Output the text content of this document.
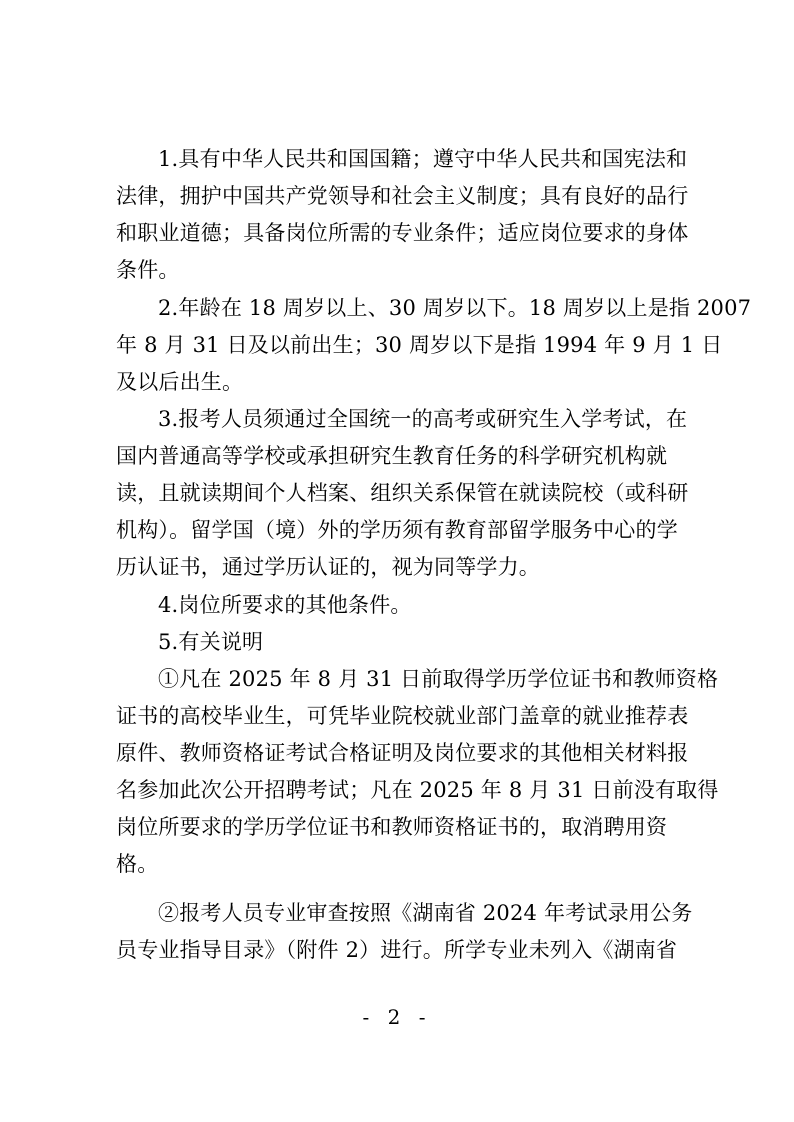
1.具有中华人民共和国国籍；遵守中华人民共和国宪法和
法律，拥护中国共产党领导和社会主义制度；具有良好的品行
和职业道德；具备岗位所需的专业条件；适应岗位要求的身体
条件。
2.年龄在 18 周岁以上、30 周岁以下。18 周岁以上是指 2007
年 8 月 31 日及以前出生；30 周岁以下是指 1994 年 9 月 1 日
及以后出生。
3.报考人员须通过全国统一的高考或研究生入学考试，在
国内普通高等学校或承担研究生教育任务的科学研究机构就
读，且就读期间个人档案、组织关系保管在就读院校（或科研
机构）。留学国（境）外的学历须有教育部留学服务中心的学
历认证书，通过学历认证的，视为同等学力。
4.岗位所要求的其他条件。
5.有关说明
①凡在 2025 年 8 月 31 日前取得学历学位证书和教师资格
证书的高校毕业生，可凭毕业院校就业部门盖章的就业推荐表
原件、教师资格证考试合格证明及岗位要求的其他相关材料报
名参加此次公开招聘考试；凡在 2025 年 8 月 31 日前没有取得
岗位所要求的学历学位证书和教师资格证书的，取消聘用资
格。
②报考人员专业审查按照《湖南省 2024 年考试录用公务
员专业指导目录》（附件 2）进行。所学专业未列入《湖南省
- 2 -
